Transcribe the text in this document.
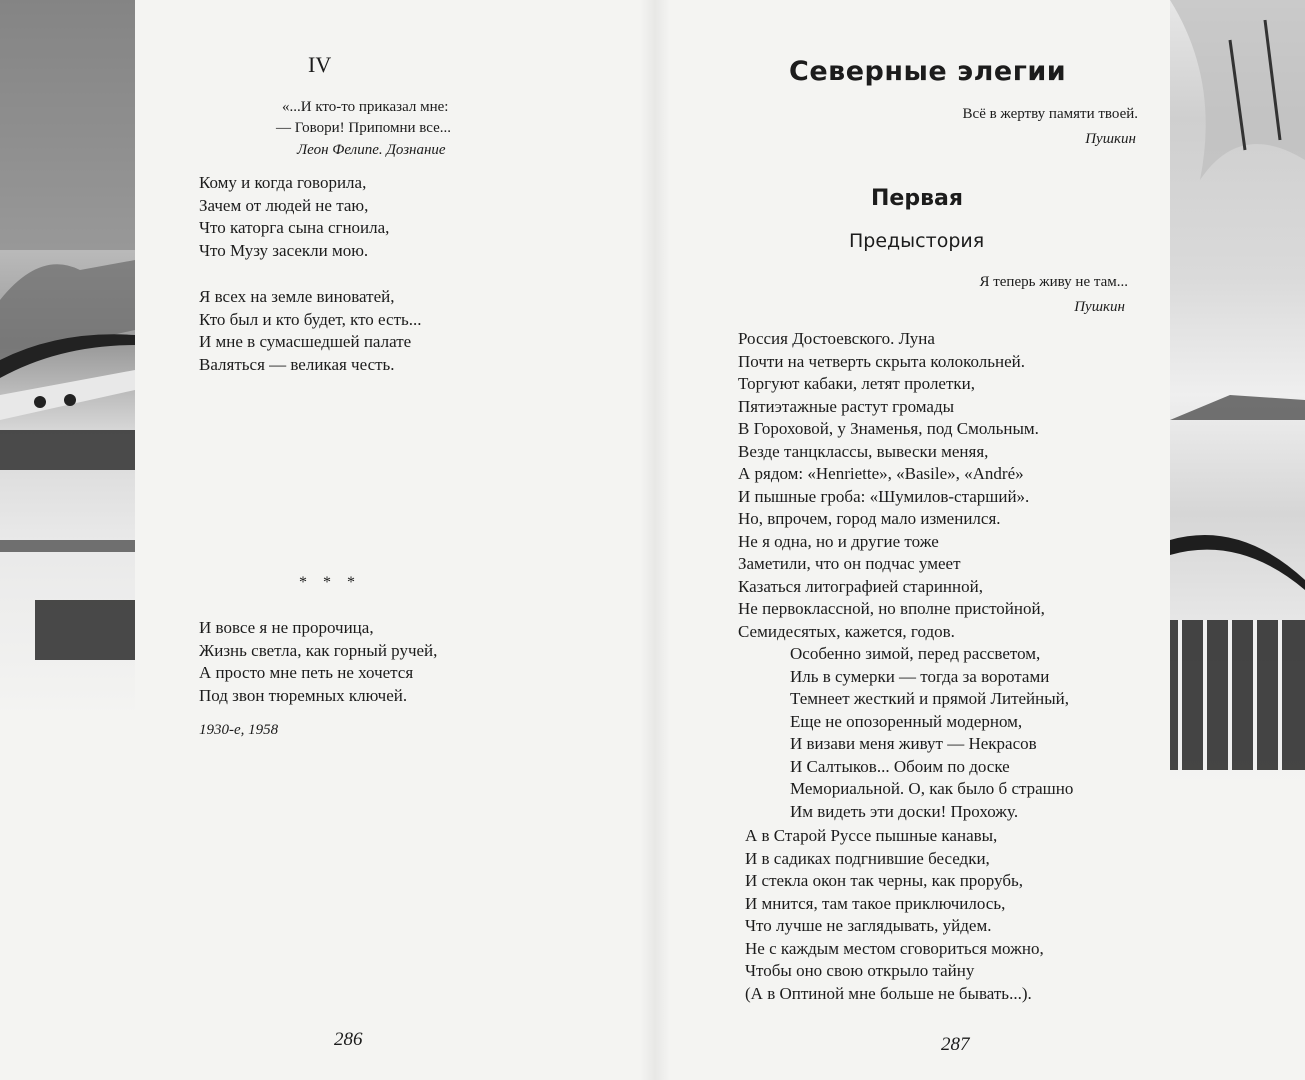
IV

«...И кто-то приказал мне:

— Говори! Припомни все...

Леон Фелипе. Дознание

Кому и когда говорила,
Зачем от людей не таю,
Что каторга сына сгноила,
Что Музу засекли мою.
Я всех на земле виноватей,
Кто был и кто будет, кто есть...
И мне в сумасшедшей палате
Валяться — великая честь.

* * *

И вовсе я не пророчица,
Жизнь светла, как горный ручей,
А просто мне петь не хочется
Под звон тюремных ключей.

1930-е, 1958

286

Северные элегии

Всё в жертву памяти твоей.

Пушкин

Первая

Предыстория

Я теперь живу не там...

Пушкин

Россия Достоевского. Луна
Почти на четверть скрыта колокольней.
Торгуют кабаки, летят пролетки,
Пятиэтажные растут громады
В Гороховой, у Знаменья, под Смольным.
Везде танцклассы, вывески меняя,
А рядом: «Henriette», «Basile», «André»
И пышные гроба: «Шумилов-старший».
Но, впрочем, город мало изменился.
Не я одна, но и другие тоже
Заметили, что он подчас умеет
Казаться литографией старинной,
Не первоклассной, но вполне пристойной,
Семидесятых, кажется, годов.
Особенно зимой, перед рассветом,
Иль в сумерки — тогда за воротами
Темнеет жесткий и прямой Литейный,
Еще не опозоренный модерном,
И визави меня живут — Некрасов
И Салтыков... Обоим по доске
Мемориальной. О, как было б страшно
Им видеть эти доски! Прохожу.
А в Старой Руссе пышные канавы,
И в садиках подгнившие беседки,
И стекла окон так черны, как прорубь,
И мнится, там такое приключилось,
Что лучше не заглядывать, уйдем.
Не с каждым местом сговориться можно,
Чтобы оно свою открыло тайну
(А в Оптиной мне больше не бывать...).

287
